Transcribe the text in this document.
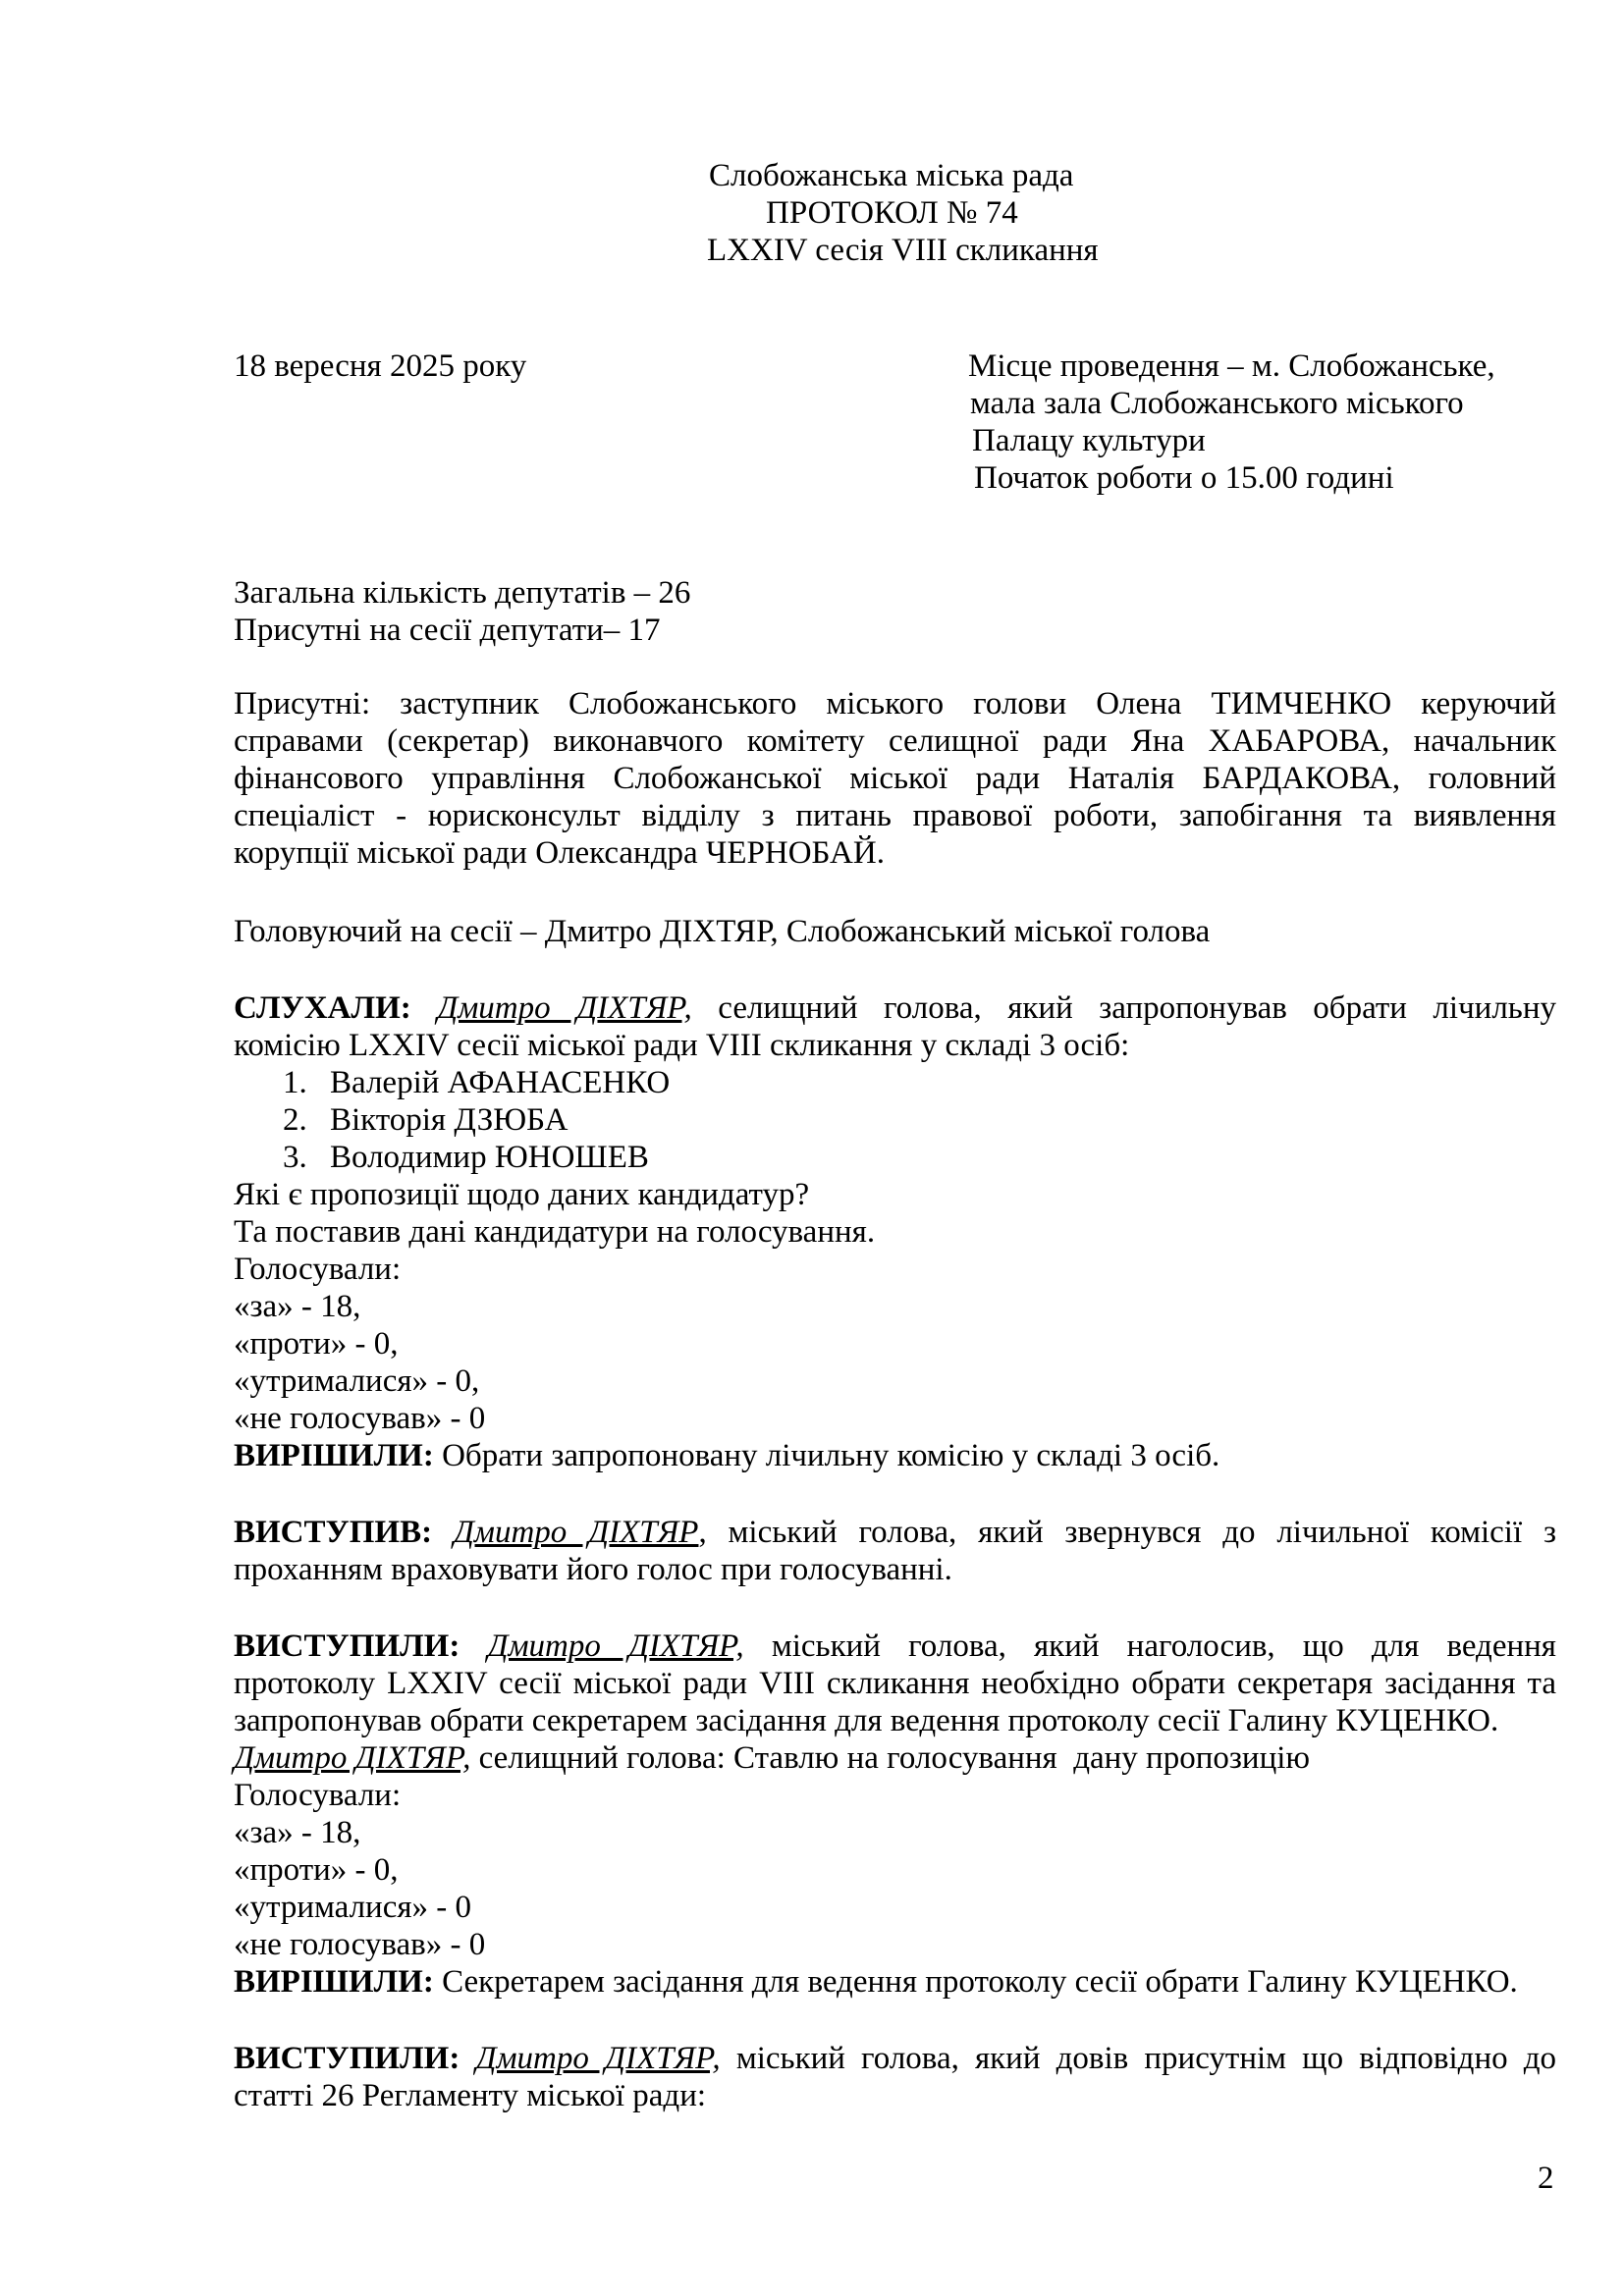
Слобожанська міська рада
ПРОТОКОЛ № 74
LXXIV сесія VIII скликання
18 вересня 2025 року	Місце проведення – м. Слобожанське,
мала зала Слобожанського міського
Палацу культури
Початок роботи о 15.00 годині
Загальна кількість депутатів – 26
Присутні на сесії депутати– 17
Присутні: заступник Слобожанського міського голови Олена ТИМЧЕНКО керуючий
справами (секретар) виконавчого комітету селищної ради Яна ХАБАРОВА, начальник
фінансового управління Слобожанської міської ради Наталія БАРДАКОВА, головний
спеціаліст - юрисконсульт відділу з питань правової роботи, запобігання та виявлення
корупції міської ради Олександра ЧЕРНОБАЙ.
Головуючий на сесії – Дмитро ДІХТЯР, Слобожанський міської голова
СЛУХАЛИ: Дмитро ДІХТЯР, селищний голова, який запропонував обрати лічильну
комісію LXXIV сесії міської ради VIII скликання у складі 3 осіб:
1. Валерій АФАНАСЕНКО
2. Вікторія ДЗЮБА
3. Володимир ЮНОШЕВ
Які є пропозиції щодо даних кандидатур?
Та поставив дані кандидатури на голосування.
Голосували:
«за» - 18,
«проти» - 0,
«утрималися» - 0,
«не голосував» - 0
ВИРІШИЛИ: Обрати запропоновану лічильну комісію у складі 3 осіб.
ВИСТУПИВ: Дмитро ДІХТЯР, міський голова, який звернувся до лічильної комісії з
проханням враховувати його голос при голосуванні.
ВИСТУПИЛИ: Дмитро ДІХТЯР, міський голова, який наголосив, що для ведення
протоколу LXXIV сесії міської ради VIII скликання необхідно обрати секретаря засідання та
запропонував обрати секретарем засідання для ведення протоколу сесії Галину КУЦЕНКО.
Дмитро ДІХТЯР, селищний голова: Ставлю на голосування  дану пропозицію
Голосували:
«за» - 18,
«проти» - 0,
«утрималися» - 0
«не голосував» - 0
ВИРІШИЛИ: Секретарем засідання для ведення протоколу сесії обрати Галину КУЦЕНКО.
ВИСТУПИЛИ: Дмитро ДІХТЯР, міський голова, який довів присутнім що відповідно до
статті 26 Регламенту міської ради:
2
